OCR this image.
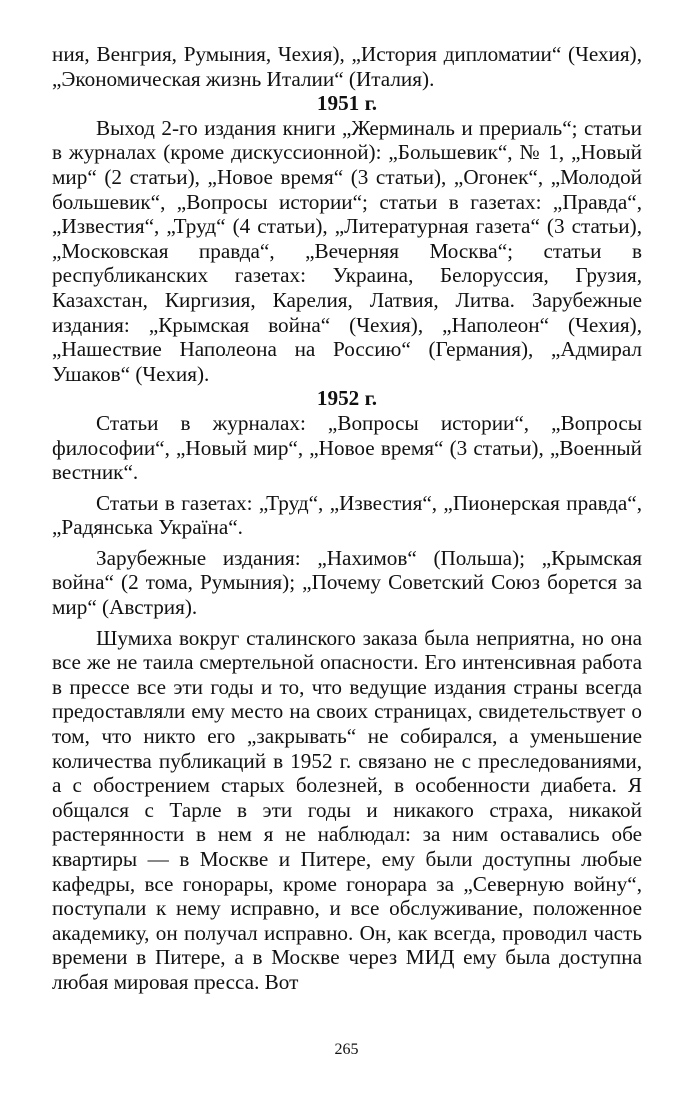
ния, Венгрия, Румыния, Чехия), „История дипломатии“ (Чехия), „Экономическая жизнь Италии“ (Италия).

1951 г.

Выход 2-го издания книги „Жерминаль и прериаль“; статьи в журналах (кроме дискуссионной): „Большевик“, № 1, „Новый мир“ (2 статьи), „Новое время“ (3 статьи), „Огонек“, „Молодой большевик“, „Вопросы истории“; статьи в газетах: „Правда“, „Известия“, „Труд“ (4 статьи), „Литературная газета“ (3 статьи), „Московская правда“, „Вечерняя Москва“; статьи в республиканских газетах: Украина, Белоруссия, Грузия, Казахстан, Киргизия, Карелия, Латвия, Литва. Зарубежные издания: „Крымская война“ (Чехия), „Наполеон“ (Чехия), „Нашествие Наполеона на Россию“ (Германия), „Адмирал Ушаков“ (Чехия).

1952 г.

Статьи в журналах: „Вопросы истории“, „Вопросы философии“, „Новый мир“, „Новое время“ (3 статьи), „Военный вестник“.

Статьи в газетах: „Труд“, „Известия“, „Пионерская правда“, „Радянська Україна“.

Зарубежные издания: „Нахимов“ (Польша); „Крымская война“ (2 тома, Румыния); „Почему Советский Союз борется за мир“ (Австрия).

Шумиха вокруг сталинского заказа была неприятна, но она все же не таила смертельной опасности. Его интенсивная работа в прессе все эти годы и то, что ведущие издания страны всегда предоставляли ему место на своих страницах, свидетельствует о том, что никто его „закрывать“ не собирался, а уменьшение количества публикаций в 1952 г. связано не с преследованиями, а с обострением старых болезней, в особенности диабета. Я общался с Тарле в эти годы и никакого страха, никакой растерянности в нем я не наблюдал: за ним оставались обе квартиры — в Москве и Питере, ему были доступны любые кафедры, все гонорары, кроме гонорара за „Северную войну“, поступали к нему исправно, и все обслуживание, положенное академику, он получал исправно. Он, как всегда, проводил часть времени в Питере, а в Москве через МИД ему была доступна любая мировая пресса. Вот

265
